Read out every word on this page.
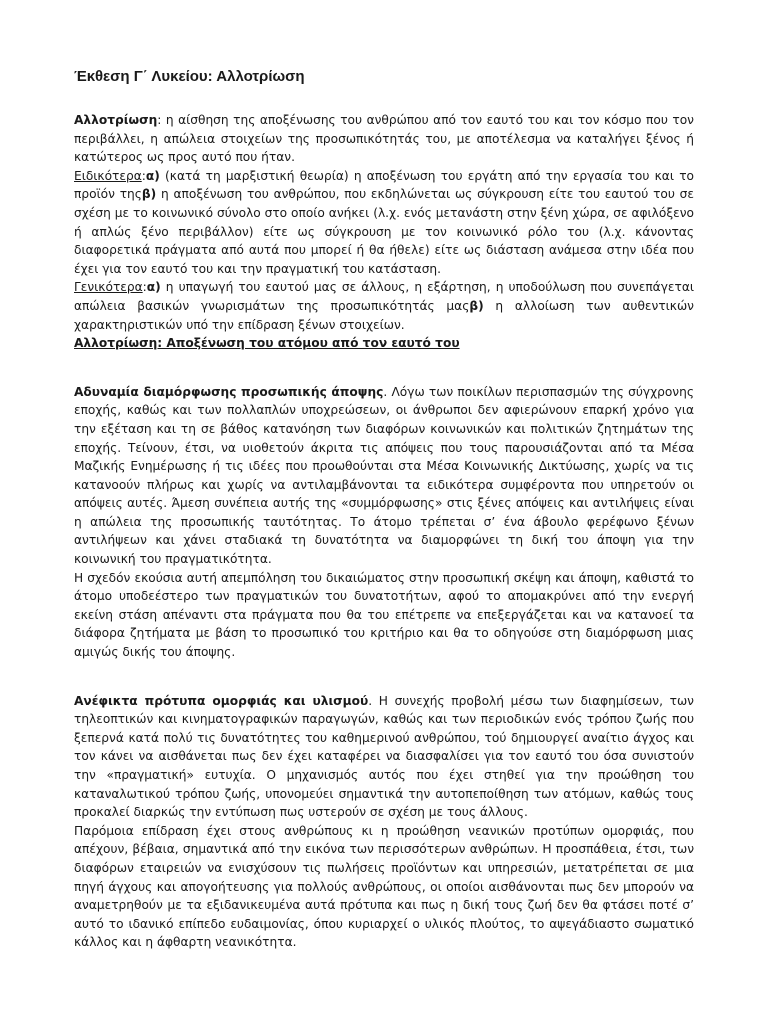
Έκθεση Γ΄ Λυκείου: Αλλοτρίωση

Αλλοτρίωση: η αίσθηση της αποξένωσης του ανθρώπου από τον εαυτό του και τον κόσμο που τον περιβάλλει, η απώλεια στοιχείων της προσωπικότητάς του, με αποτέλεσμα να καταλήγει ξένος ή κατώτερος ως προς αυτό που ήταν.

Ειδικότερα:α) (κατά τη μαρξιστική θεωρία) η αποξένωση του εργάτη από την εργασία του και το προϊόν τηςβ) η αποξένωση του ανθρώπου, που εκδηλώνεται ως σύγκρουση είτε του εαυτού του σε σχέση με το κοινωνικό σύνολο στο οποίο ανήκει (λ.χ. ενός μετανάστη στην ξένη χώρα, σε αφιλόξενο ή απλώς ξένο περιβάλλον) είτε ως σύγκρουση με τον κοινωνικό ρόλο του (λ.χ. κάνοντας διαφορετικά πράγματα από αυτά που μπορεί ή θα ήθελε) είτε ως διάσταση ανάμεσα στην ιδέα που έχει για τον εαυτό του και την πραγματική του κατάσταση.

Γενικότερα:α) η υπαγωγή του εαυτού μας σε άλλους, η εξάρτηση, η υποδούλωση που συνεπάγεται απώλεια βασικών γνωρισμάτων της προσωπικότητάς μαςβ) η αλλοίωση των αυθεντικών χαρακτηριστικών υπό την επίδραση ξένων στοιχείων.

Αλλοτρίωση: Αποξένωση του ατόμου από τον εαυτό του

Αδυναμία διαμόρφωσης προσωπικής άποψης. Λόγω των ποικίλων περισπασμών της σύγχρονης εποχής, καθώς και των πολλαπλών υποχρεώσεων, οι άνθρωποι δεν αφιερώνουν επαρκή χρόνο για την εξέταση και τη σε βάθος κατανόηση των διαφόρων κοινωνικών και πολιτικών ζητημάτων της εποχής. Τείνουν, έτσι, να υιοθετούν άκριτα τις απόψεις που τους παρουσιάζονται από τα Μέσα Μαζικής Ενημέρωσης ή τις ιδέες που προωθούνται στα Μέσα Κοινωνικής Δικτύωσης, χωρίς να τις κατανοούν πλήρως και χωρίς να αντιλαμβάνονται τα ειδικότερα συμφέροντα που υπηρετούν οι απόψεις αυτές. Άμεση συνέπεια αυτής της «συμμόρφωσης» στις ξένες απόψεις και αντιλήψεις είναι η απώλεια της προσωπικής ταυτότητας. Το άτομο τρέπεται σ’ ένα άβουλο φερέφωνο ξένων αντιλήψεων και χάνει σταδιακά τη δυνατότητα να διαμορφώνει τη δική του άποψη για την κοινωνική του πραγματικότητα.

Η σχεδόν εκούσια αυτή απεμπόληση του δικαιώματος στην προσωπική σκέψη και άποψη, καθιστά το άτομο υποδεέστερο των πραγματικών του δυνατοτήτων, αφού το απομακρύνει από την ενεργή εκείνη στάση απέναντι στα πράγματα που θα του επέτρεπε να επεξεργάζεται και να κατανοεί τα διάφορα ζητήματα με βάση το προσωπικό του κριτήριο και θα το οδηγούσε στη διαμόρφωση μιας αμιγώς δικής του άποψης.

Ανέφικτα πρότυπα ομορφιάς και υλισμού. Η συνεχής προβολή μέσω των διαφημίσεων, των τηλεοπτικών και κινηματογραφικών παραγωγών, καθώς και των περιοδικών ενός τρόπου ζωής που ξεπερνά κατά πολύ τις δυνατότητες του καθημερινού ανθρώπου, τού δημιουργεί αναίτιο άγχος και τον κάνει να αισθάνεται πως δεν έχει καταφέρει να διασφαλίσει για τον εαυτό του όσα συνιστούν την «πραγματική» ευτυχία. Ο μηχανισμός αυτός που έχει στηθεί για την προώθηση του καταναλωτικού τρόπου ζωής, υπονομεύει σημαντικά την αυτοπεποίθηση των ατόμων, καθώς τους προκαλεί διαρκώς την εντύπωση πως υστερούν σε σχέση με τους άλλους.

Παρόμοια επίδραση έχει στους ανθρώπους κι η προώθηση νεανικών προτύπων ομορφιάς, που απέχουν, βέβαια, σημαντικά από την εικόνα των περισσότερων ανθρώπων. Η προσπάθεια, έτσι, των διαφόρων εταιρειών να ενισχύσουν τις πωλήσεις προϊόντων και υπηρεσιών, μετατρέπεται σε μια πηγή άγχους και απογοήτευσης για πολλούς ανθρώπους, οι οποίοι αισθάνονται πως δεν μπορούν να αναμετρηθούν με τα εξιδανικευμένα αυτά πρότυπα και πως η δική τους ζωή δεν θα φτάσει ποτέ σ’ αυτό το ιδανικό επίπεδο ευδαιμονίας, όπου κυριαρχεί ο υλικός πλούτος, το αψεγάδιαστο σωματικό κάλλος και η άφθαρτη νεανικότητα.
